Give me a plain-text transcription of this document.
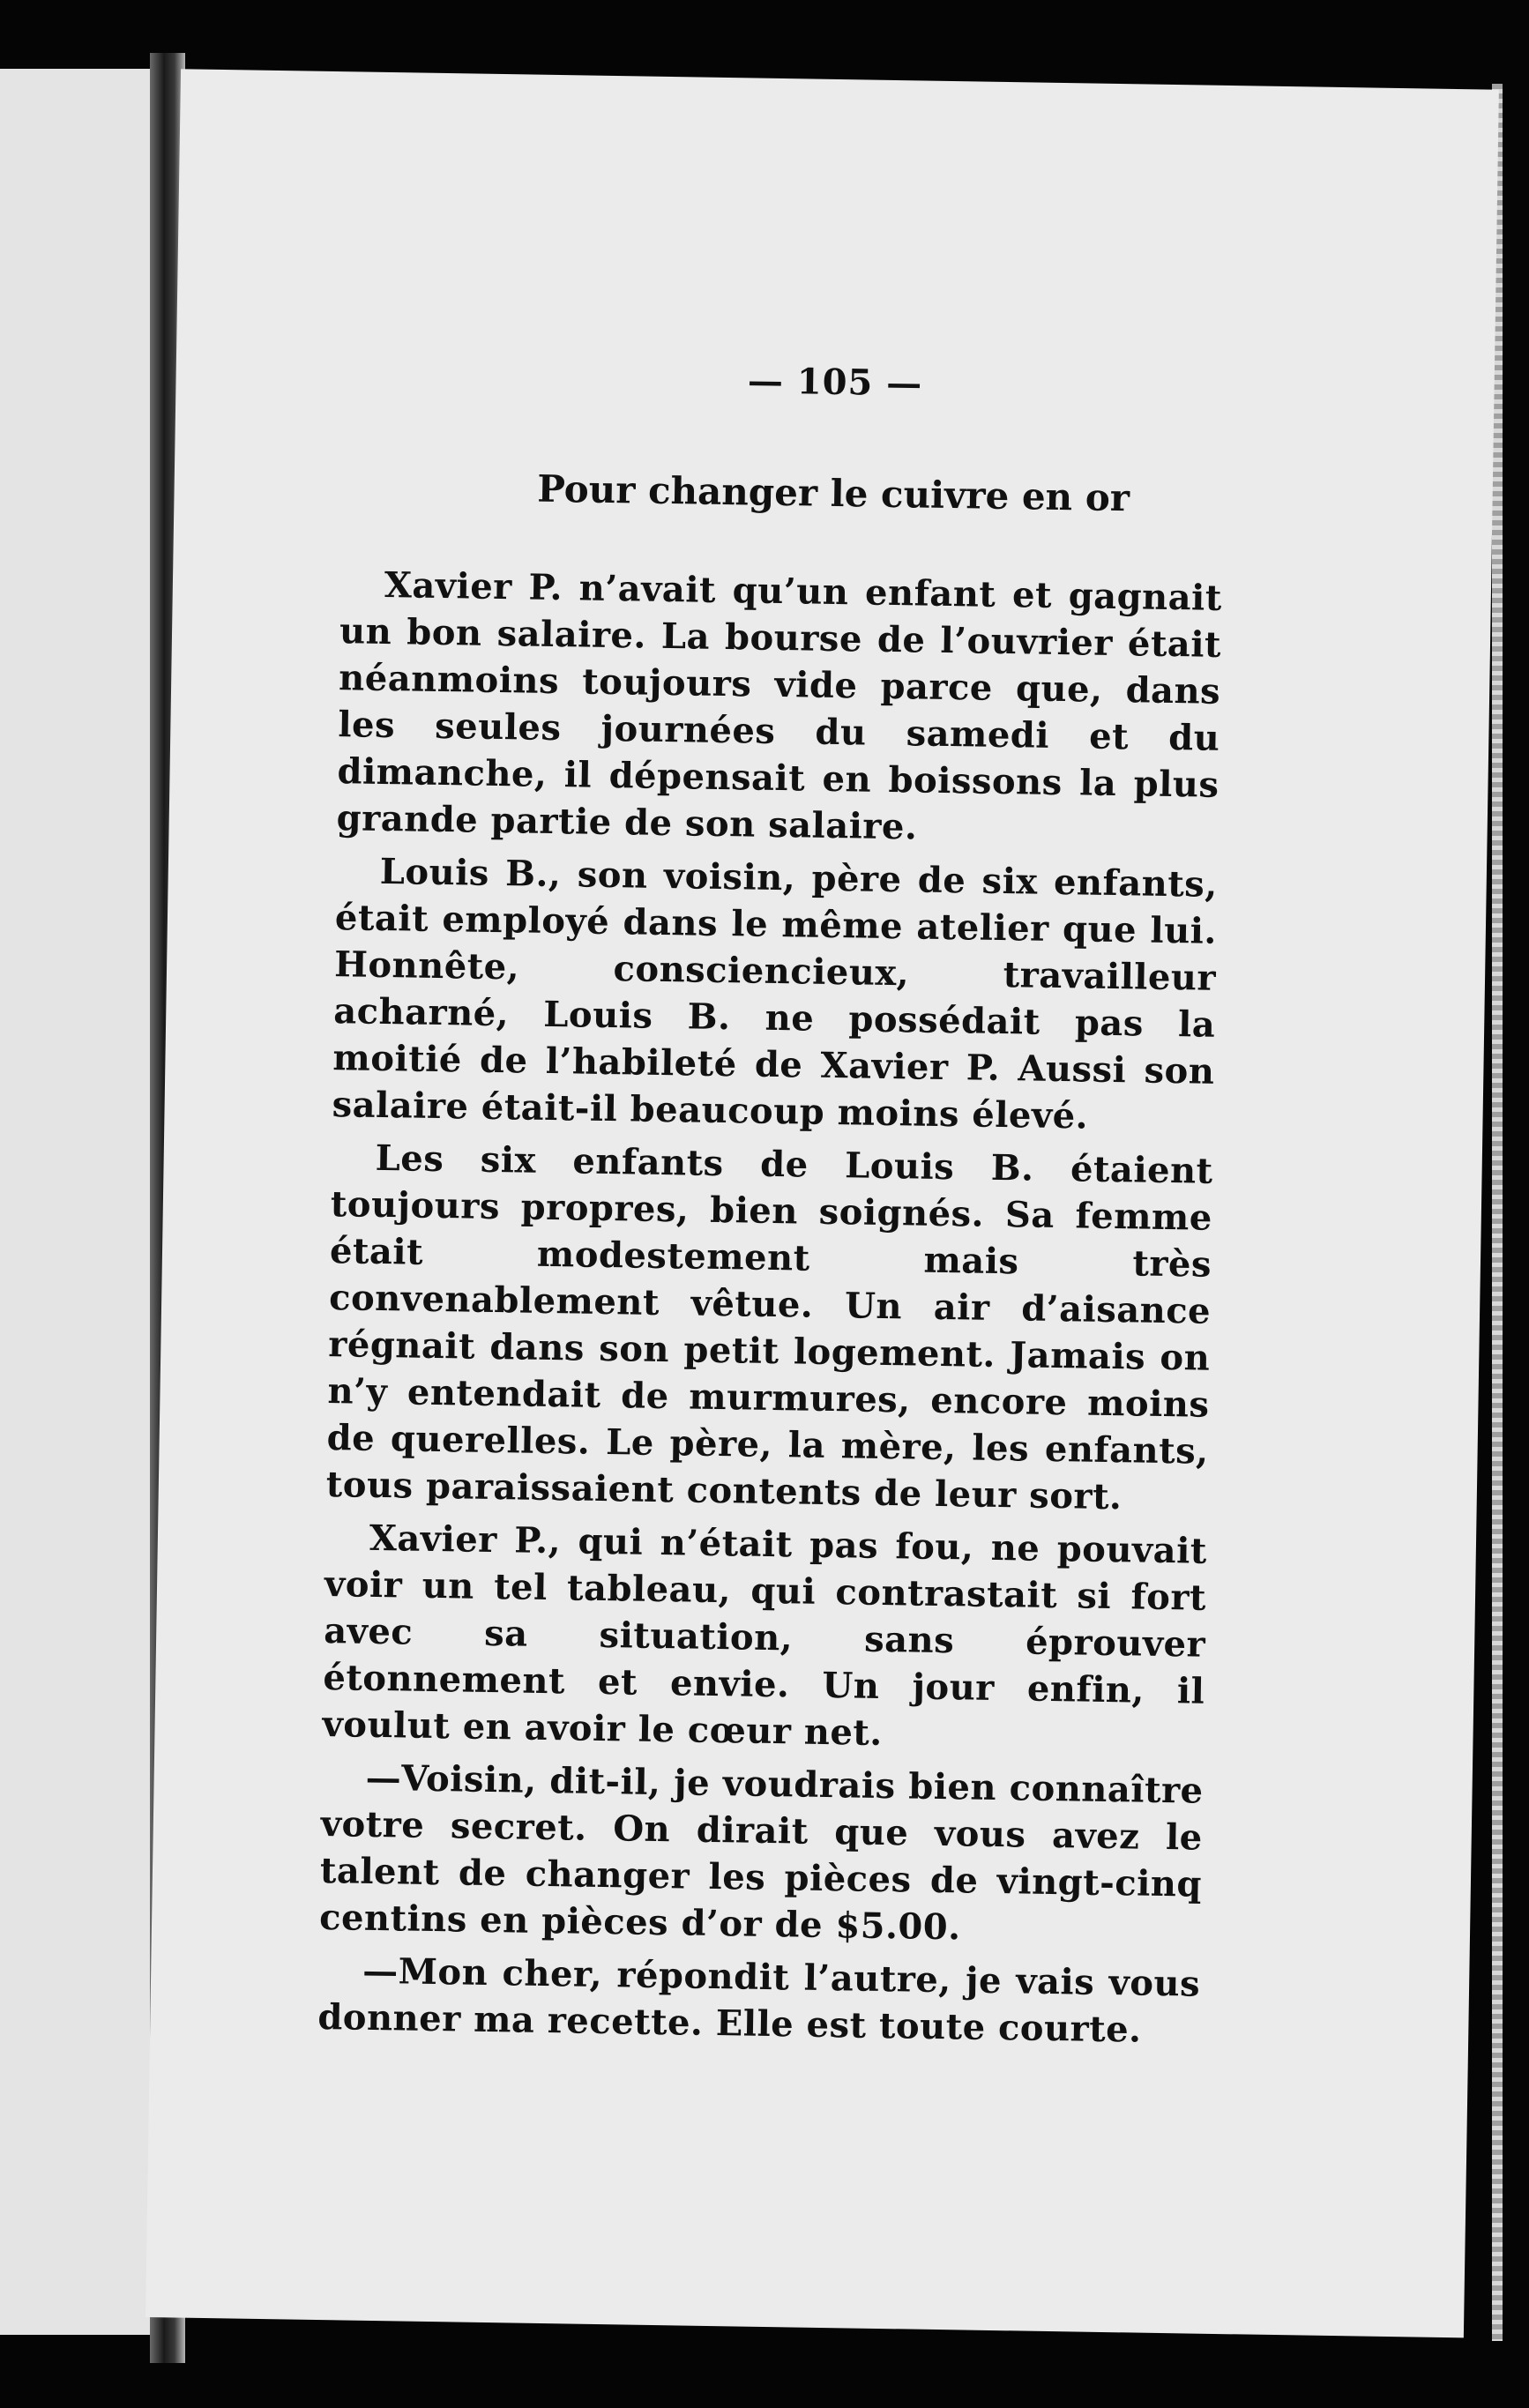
— 105 —
Pour changer le cuivre en or

Xavier P. n’avait qu’un enfant et gagnait un bon salaire. La bourse de l’ouvrier était néanmoins toujours vide parce que, dans les seules journées du samedi et du dimanche, il dépensait en boissons la plus grande partie de son salaire.

Louis B., son voisin, père de six enfants, était employé dans le même atelier que lui. Honnête, consciencieux, travailleur acharné, Louis B. ne possédait pas la moitié de l’habileté de Xavier P. Aussi son salaire était-il beaucoup moins élevé.

Les six enfants de Louis B. étaient toujours propres, bien soignés. Sa femme était modestement mais très convenablement vêtue. Un air d’aisance régnait dans son petit logement. Jamais on n’y entendait de murmures, encore moins de querelles. Le père, la mère, les enfants, tous paraissaient contents de leur sort.

Xavier P., qui n’était pas fou, ne pouvait voir un tel tableau, qui contrastait si fort avec sa situation, sans éprouver étonnement et envie. Un jour enfin, il voulut en avoir le cœur net.

—Voisin, dit-il, je voudrais bien connaître votre secret. On dirait que vous avez le talent de changer les pièces de vingt-cinq centins en pièces d’or de $5.00.

—Mon cher, répondit l’autre, je vais vous donner ma recette. Elle est toute courte.
